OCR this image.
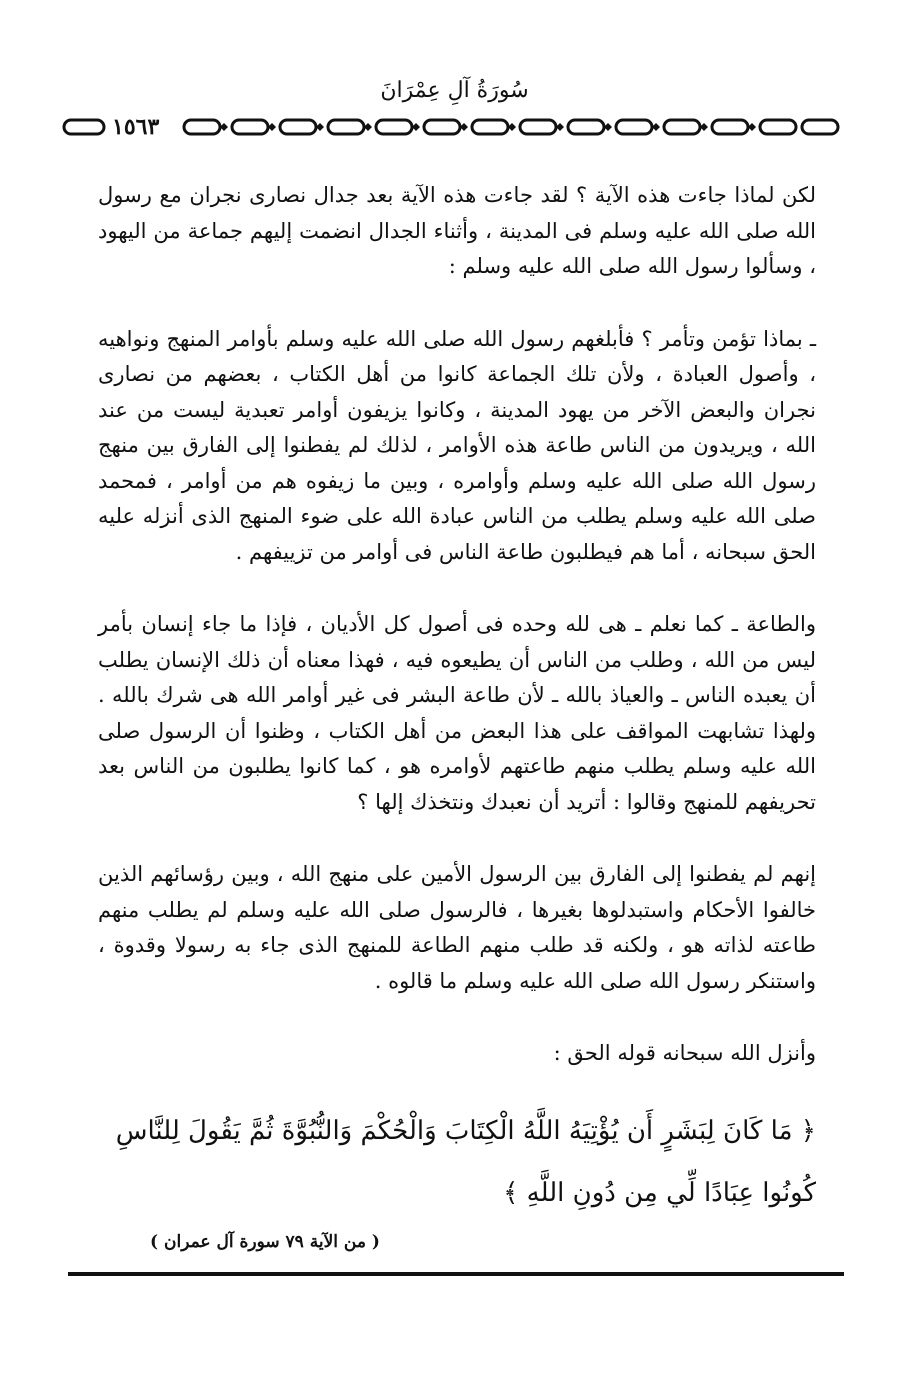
سُورَةُ آلِ عِمْرَانَ
١٥٦٣

لكن لماذا جاءت هذه الآية ؟ لقد جاءت هذه الآية بعد جدال نصارى نجران مع رسول الله صلى الله عليه وسلم فى المدينة ، وأثناء الجدال انضمت إليهم جماعة من اليهود ، وسألوا رسول الله صلى الله عليه وسلم :

ـ بماذا تؤمن وتأمر ؟ فأبلغهم رسول الله صلى الله عليه وسلم بأوامر المنهج ونواهيه ، وأصول العبادة ، ولأن تلك الجماعة كانوا من أهل الكتاب ، بعضهم من نصارى نجران والبعض الآخر من يهود المدينة ، وكانوا يزيفون أوامر تعبدية ليست من عند الله ، ويريدون من الناس طاعة هذه الأوامر ، لذلك لم يفطنوا إلى الفارق بين منهج رسول الله صلى الله عليه وسلم وأوامره ، وبين ما زيفوه هم من أوامر ، فمحمد صلى الله عليه وسلم يطلب من الناس عبادة الله على ضوء المنهج الذى أنزله عليه الحق سبحانه ، أما هم فيطلبون طاعة الناس فى أوامر من تزييفهم .

والطاعة ـ كما نعلم ـ هى لله وحده فى أصول كل الأديان ، فإذا ما جاء إنسان بأمر ليس من الله ، وطلب من الناس أن يطيعوه فيه ، فهذا معناه أن ذلك الإنسان يطلب أن يعبده الناس ـ والعياذ بالله ـ لأن طاعة البشر فى غير أوامر الله هى شرك بالله . ولهذا تشابهت المواقف على هذا البعض من أهل الكتاب ، وظنوا أن الرسول صلى الله عليه وسلم يطلب منهم طاعتهم لأوامره هو ، كما كانوا يطلبون من الناس بعد تحريفهم للمنهج وقالوا : أتريد أن نعبدك ونتخذك إلها ؟

إنهم لم يفطنوا إلى الفارق بين الرسول الأمين على منهج الله ، وبين رؤسائهم الذين خالفوا الأحكام واستبدلوها بغيرها ، فالرسول صلى الله عليه وسلم لم يطلب منهم طاعته لذاته هو ، ولكنه قد طلب منهم الطاعة للمنهج الذى جاء به رسولا وقدوة ، واستنكر رسول الله صلى الله عليه وسلم ما قالوه .

وأنزل الله سبحانه قوله الحق :

﴿ مَا كَانَ لِبَشَرٍ أَن يُؤْتِيَهُ اللَّهُ الْكِتَابَ وَالْحُكْمَ وَالنُّبُوَّةَ ثُمَّ يَقُولَ لِلنَّاسِ كُونُوا عِبَادًا لِّي مِن دُونِ اللَّهِ ﴾
( من الآية ٧٩ سورة آل عمران )
